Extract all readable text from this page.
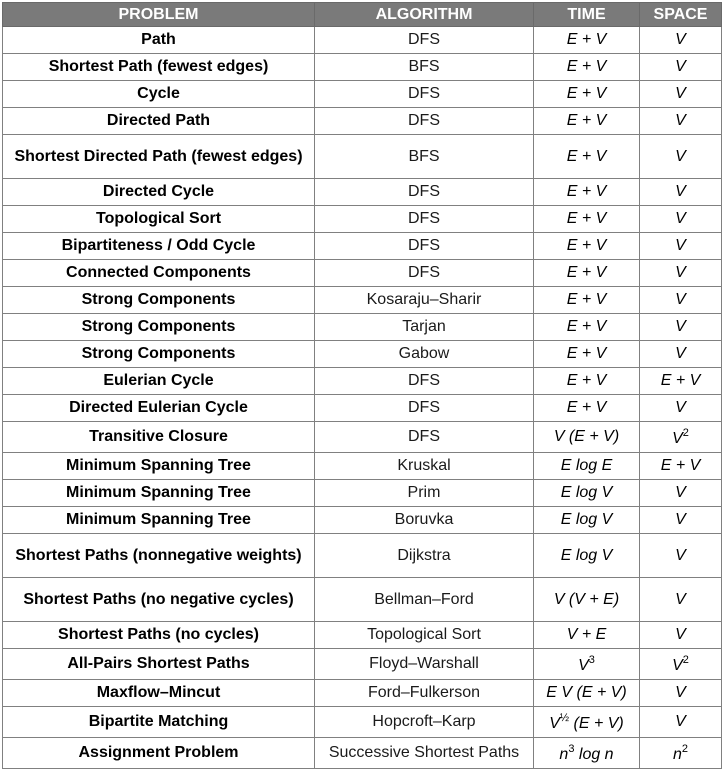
PROBLEM	ALGORITHM	TIME	SPACE
Path	DFS	E + V	V
Shortest Path (fewest edges)	BFS	E + V	V
Cycle	DFS	E + V	V
Directed Path	DFS	E + V	V
Shortest Directed Path (fewest edges)	BFS	E + V	V
Directed Cycle	DFS	E + V	V
Topological Sort	DFS	E + V	V
Bipartiteness / Odd Cycle	DFS	E + V	V
Connected Components	DFS	E + V	V
Strong Components	Kosaraju–Sharir	E + V	V
Strong Components	Tarjan	E + V	V
Strong Components	Gabow	E + V	V
Eulerian Cycle	DFS	E + V	E + V
Directed Eulerian Cycle	DFS	E + V	V
Transitive Closure	DFS	V (E + V)	$V^2$
Minimum Spanning Tree	Kruskal	E log E	E + V
Minimum Spanning Tree	Prim	E log V	V
Minimum Spanning Tree	Boruvka	E log V	V
Shortest Paths (nonnegative weights)	Dijkstra	E log V	V
Shortest Paths (no negative cycles)	Bellman–Ford	V (V + E)	V
Shortest Paths (no cycles)	Topological Sort	V + E	V
All-Pairs Shortest Paths	Floyd–Warshall	$V^3$	$V^2$
Maxflow–Mincut	Ford–Fulkerson	E V (E + V)	V
Bipartite Matching	Hopcroft–Karp	$V^{\frac{1}{2}}$ (E + V)	V
Assignment Problem	Successive Shortest Paths	$n^3$ log n	$n^2$
